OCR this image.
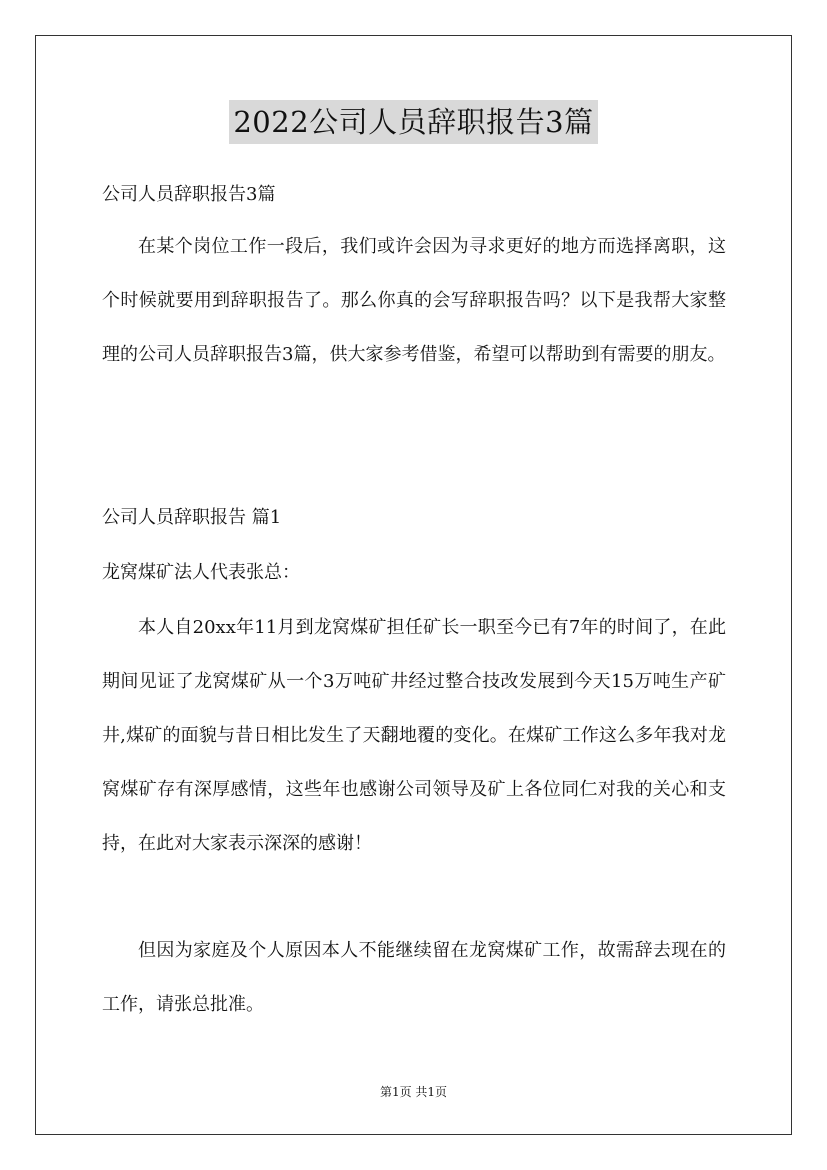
2022公司人员辞职报告3篇
公司人员辞职报告3篇

在某个岗位工作一段后，我们或许会因为寻求更好的地方而选择离职，这个时候就要用到辞职报告了。那么你真的会写辞职报告吗？以下是我帮大家整理的公司人员辞职报告3篇，供大家参考借鉴，希望可以帮助到有需要的朋友。

公司人员辞职报告 篇1
龙窝煤矿法人代表张总：

本人自20xx年11月到龙窝煤矿担任矿长一职至今已有7年的时间了，在此期间见证了龙窝煤矿从一个3万吨矿井经过整合技改发展到今天15万吨生产矿井,煤矿的面貌与昔日相比发生了天翻地覆的变化。在煤矿工作这么多年我对龙窝煤矿存有深厚感情，这些年也感谢公司领导及矿上各位同仁对我的关心和支持，在此对大家表示深深的感谢！

但因为家庭及个人原因本人不能继续留在龙窝煤矿工作，故需辞去现在的工作，请张总批准。

第1页 共1页
